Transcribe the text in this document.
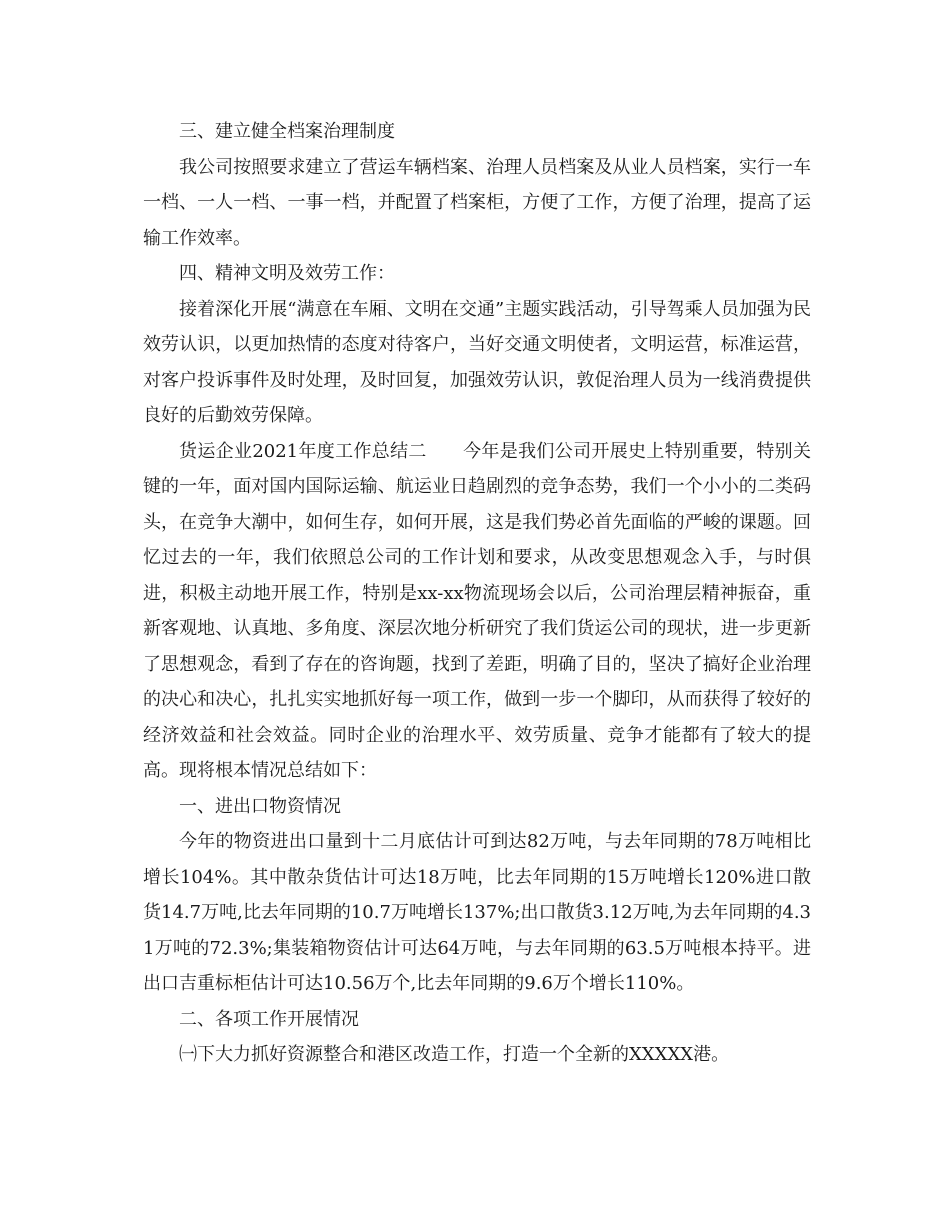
三、建立健全档案治理制度

我公司按照要求建立了营运车辆档案、治理人员档案及从业人员档案，实行一车一档、一人一档、一事一档，并配置了档案柜，方便了工作，方便了治理，提高了运输工作效率。

四、精神文明及效劳工作：

接着深化开展“满意在车厢、文明在交通”主题实践活动，引导驾乘人员加强为民效劳认识，以更加热情的态度对待客户，当好交通文明使者，文明运营，标准运营，对客户投诉事件及时处理，及时回复，加强效劳认识，敦促治理人员为一线消费提供良好的后勤效劳保障。

货运企业2021年度工作总结二 今年是我们公司开展史上特别重要，特别关键的一年，面对国内国际运输、航运业日趋剧烈的竞争态势，我们一个小小的二类码头，在竞争大潮中，如何生存，如何开展，这是我们势必首先面临的严峻的课题。回忆过去的一年，我们依照总公司的工作计划和要求，从改变思想观念入手，与时俱进，积极主动地开展工作，特别是xx-xx物流现场会以后，公司治理层精神振奋，重新客观地、认真地、多角度、深层次地分析研究了我们货运公司的现状，进一步更新了思想观念，看到了存在的咨询题，找到了差距，明确了目的，坚决了搞好企业治理的决心和决心，扎扎实实地抓好每一项工作，做到一步一个脚印，从而获得了较好的经济效益和社会效益。同时企业的治理水平、效劳质量、竞争才能都有了较大的提高。现将根本情况总结如下：

一、进出口物资情况

今年的物资进出口量到十二月底估计可到达82万吨，与去年同期的78万吨相比增长104%。其中散杂货估计可达18万吨，比去年同期的15万吨增长120%进口散货14.7万吨,比去年同期的10.7万吨增长137%;出口散货3.12万吨,为去年同期的4.31万吨的72.3%;集装箱物资估计可达64万吨，与去年同期的63.5万吨根本持平。进出口吉重标柜估计可达10.56万个,比去年同期的9.6万个增长110%。

二、各项工作开展情况

㈠下大力抓好资源整合和港区改造工作，打造一个全新的XXXXX港。
